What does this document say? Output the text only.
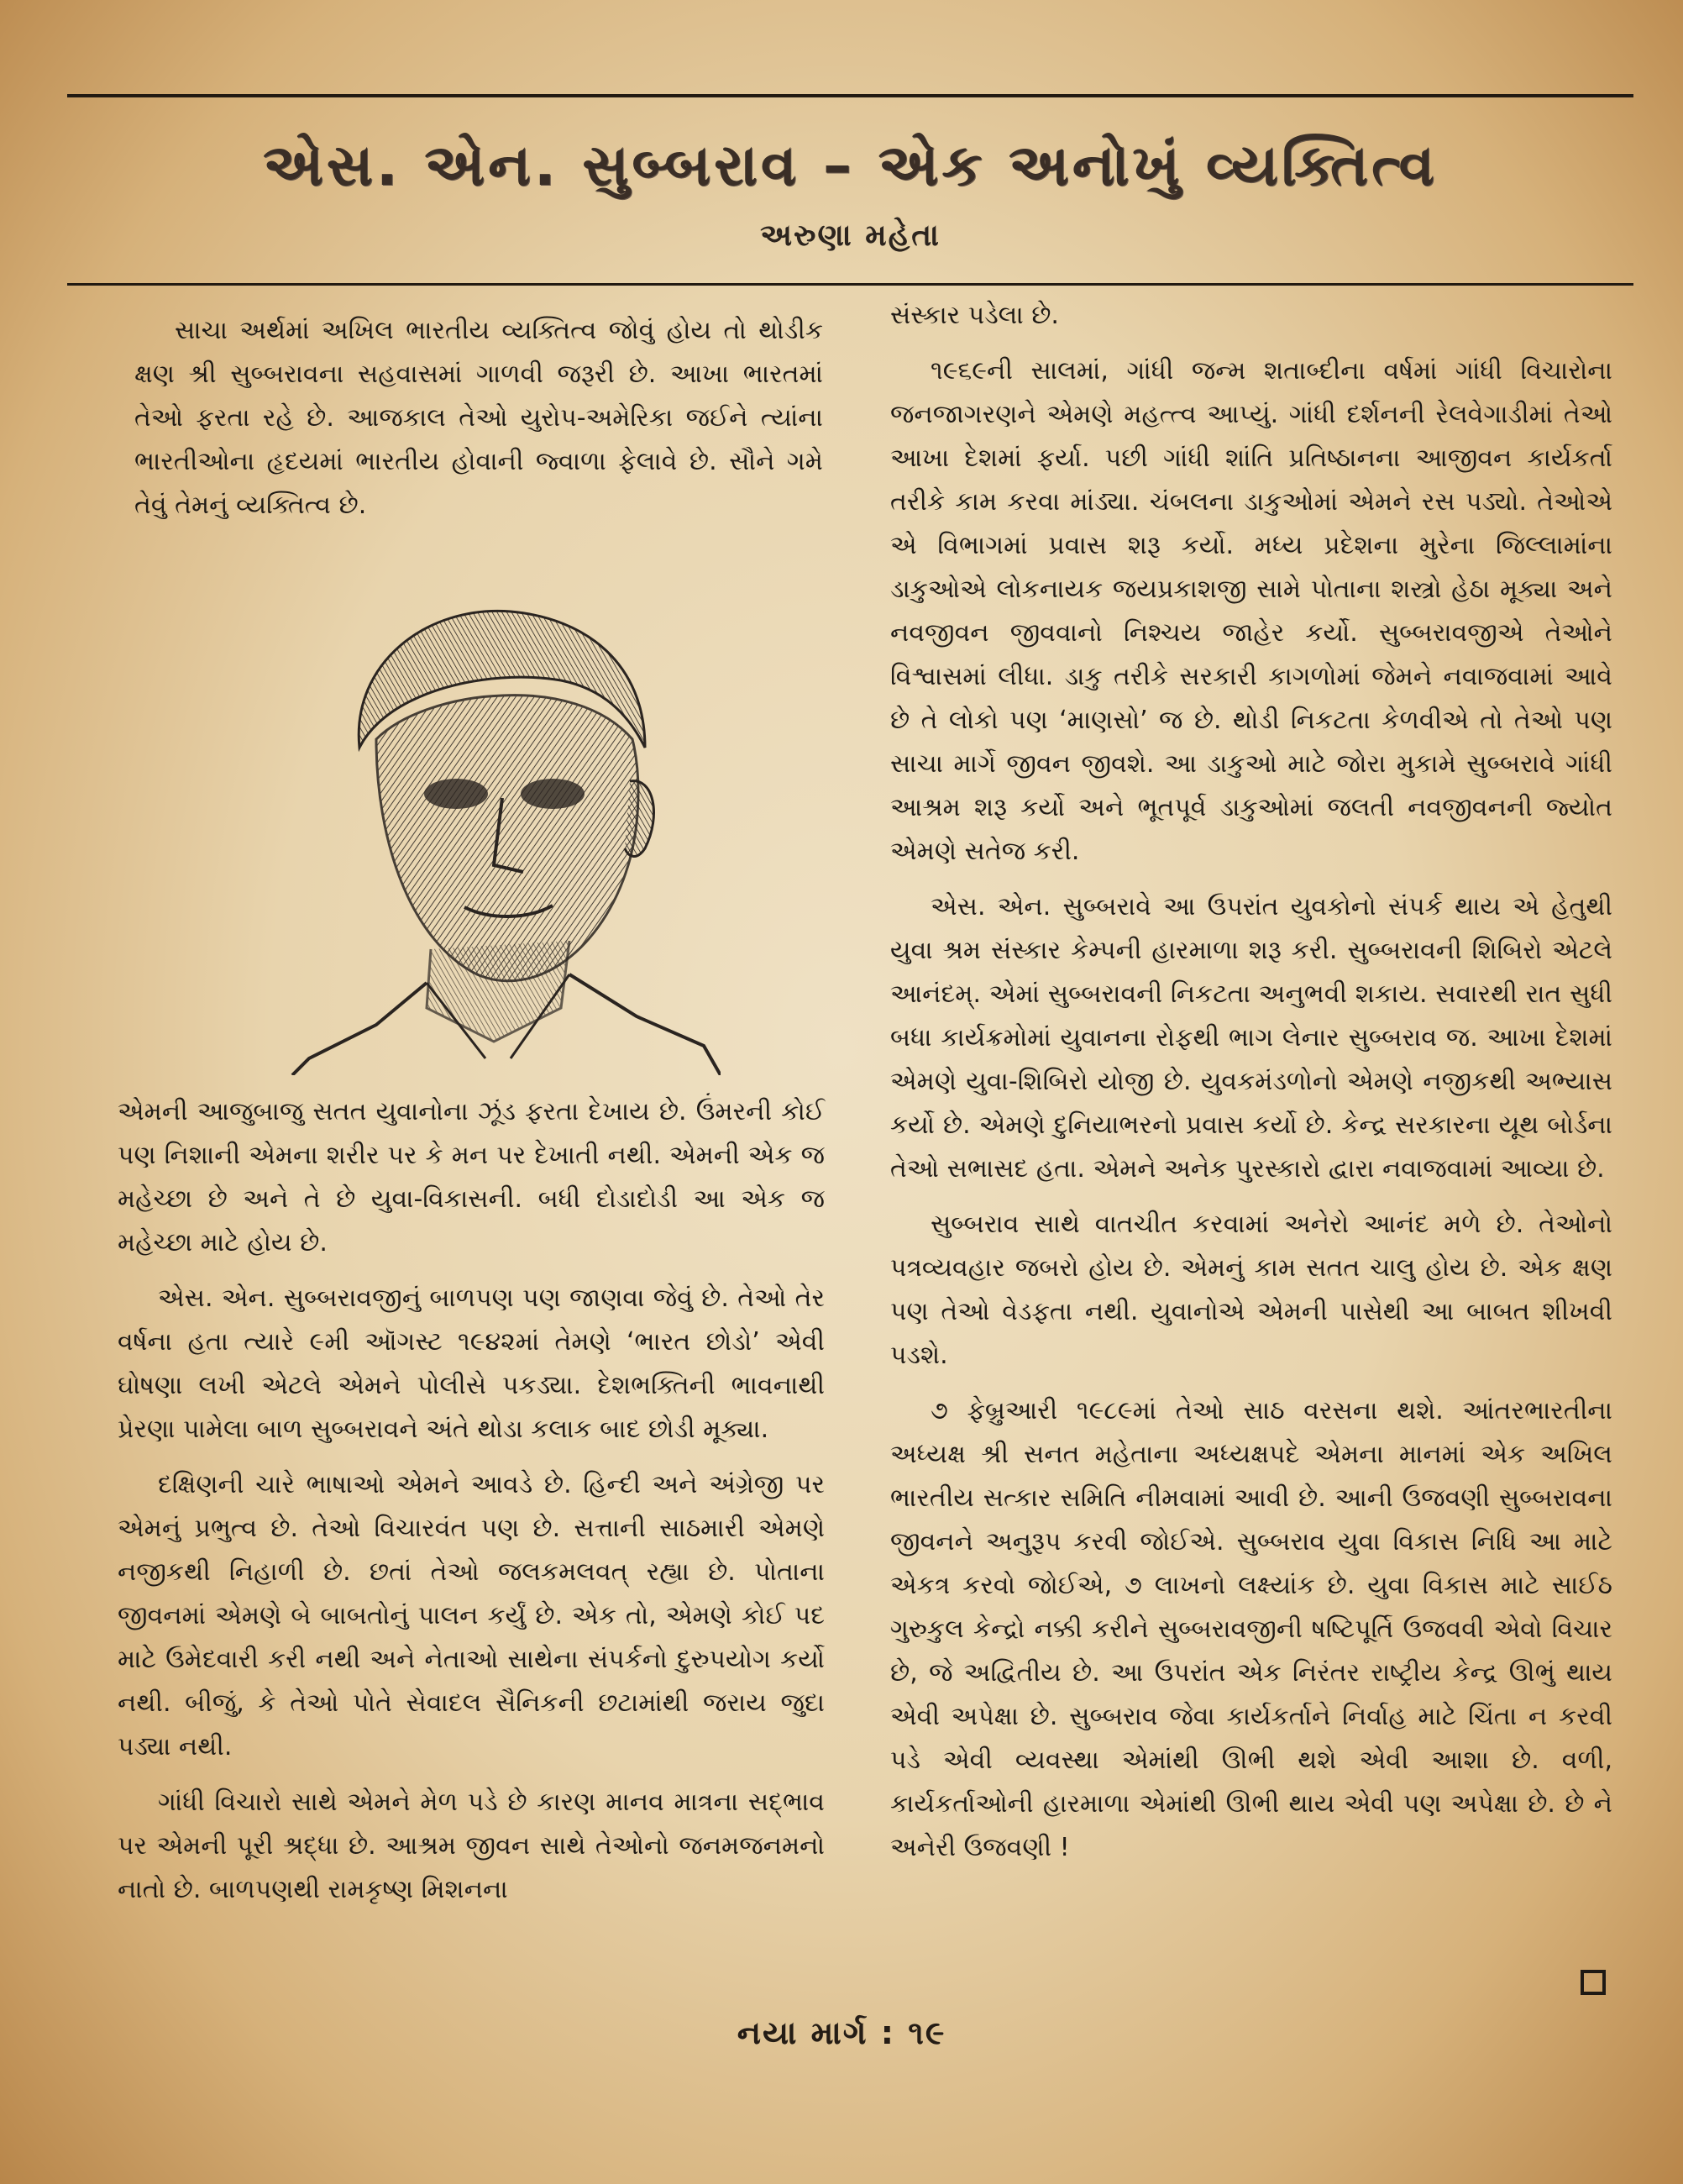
એસ. એન. સુબ્બરાવ – એક અનોખું વ્યક્તિત્વ
અરુણા મહેતા

સાચા અર્થમાં અખિલ ભારતીય વ્યક્તિત્વ જોવું હોય તો થોડીક ક્ષણ શ્રી સુબ્બરાવના સહવાસમાં ગાળવી જરૂરી છે. આખા ભારતમાં તેઓ ફરતા રહે છે. આજકાલ તેઓ યુરોપ-અમેરિકા જઈને ત્યાંના ભારતીઓના હૃદયમાં ભારતીય હોવાની જ્વાળા ફેલાવે છે. સૌને ગમે તેવું તેમનું વ્યક્તિત્વ છે.

એમની આજુબાજુ સતત યુવાનોના ઝૂંડ ફરતા દેખાય છે. ઉંમરની કોઈ પણ નિશાની એમના શરીર પર કે મન પર દેખાતી નથી. એમની એક જ મહેચ્છા છે અને તે છે યુવા-વિકાસની. બધી દોડાદોડી આ એક જ મહેચ્છા માટે હોય છે.

એસ. એન. સુબ્બરાવજીનું બાળપણ પણ જાણવા જેવું છે. તેઓ તેર વર્ષના હતા ત્યારે ૯મી ઑગસ્ટ ૧૯૪૨માં તેમણે ‘ભારત છોડો’ એવી ઘોષણા લખી એટલે એમને પોલીસે પકડ્યા. દેશભક્તિની ભાવનાથી પ્રેરણા પામેલા બાળ સુબ્બરાવને અંતે થોડા કલાક બાદ છોડી મૂક્યા.

દક્ષિણની ચારે ભાષાઓ એમને આવડે છે. હિન્દી અને અંગ્રેજી પર એમનું પ્રભુત્વ છે. તેઓ વિચારવંત પણ છે. સત્તાની સાઠમારી એમણે નજીકથી નિહાળી છે. છતાં તેઓ જલકમલવત્ રહ્યા છે. પોતાના જીવનમાં એમણે બે બાબતોનું પાલન કર્યું છે. એક તો, એમણે કોઈ પદ માટે ઉમેદવારી કરી નથી અને નેતાઓ સાથેના સંપર્કનો દુરુપયોગ કર્યો નથી. બીજું, કે તેઓ પોતે સેવાદલ સૈનિકની છટામાંથી જરાય જુદા પડ્યા નથી.

ગાંધી વિચારો સાથે એમને મેળ પડે છે કારણ માનવ માત્રના સદ્‌ભાવ પર એમની પૂરી શ્રદ્ધા છે. આશ્રમ જીવન સાથે તેઓનો જનમજનમનો નાતો છે. બાળપણથી રામકૃષ્ણ મિશનના

સંસ્કાર પડેલા છે.

૧૯૬૯ની સાલમાં, ગાંધી જન્મ શતાબ્દીના વર્ષમાં ગાંધી વિચારોના જનજાગરણને એમણે મહત્ત્વ આપ્યું. ગાંધી દર્શનની રેલવેગાડીમાં તેઓ આખા દેશમાં ફર્યા. પછી ગાંધી શાંતિ પ્રતિષ્ઠાનના આજીવન કાર્યકર્તા તરીકે કામ કરવા માંડ્યા. ચંબલના ડાકુઓમાં એમને રસ પડ્યો. તેઓએ એ વિભાગમાં પ્રવાસ શરૂ કર્યો. મધ્ય પ્રદેશના મુરેના જિલ્લામાંના ડાકુઓએ લોકનાયક જયપ્રકાશજી સામે પોતાના શસ્ત્રો હેઠા મૂક્યા અને નવજીવન જીવવાનો નિશ્ચય જાહેર કર્યો. સુબ્બરાવજીએ તેઓને વિશ્વાસમાં લીધા. ડાકુ તરીકે સરકારી કાગળોમાં જેમને નવાજવામાં આવે છે તે લોકો પણ ‘માણસો’ જ છે. થોડી નિકટતા કેળવીએ તો તેઓ પણ સાચા માર્ગે જીવન જીવશે. આ ડાકુઓ માટે જોરા મુકામે સુબ્બરાવે ગાંધી આશ્રમ શરૂ કર્યો અને ભૂતપૂર્વ ડાકુઓમાં જલતી નવજીવનની જ્યોત એમણે સતેજ કરી.

એસ. એન. સુબ્બરાવે આ ઉપરાંત યુવકોનો સંપર્ક થાય એ હેતુથી યુવા શ્રમ સંસ્કાર કેમ્પની હારમાળા શરૂ કરી. સુબ્બરાવની શિબિરો એટલે આનંદમ્. એમાં સુબ્બરાવની નિકટતા અનુભવી શકાય. સવારથી રાત સુધી બધા કાર્યક્રમોમાં યુવાનના રોફથી ભાગ લેનાર સુબ્બરાવ જ. આખા દેશમાં એમણે યુવા-શિબિરો યોજી છે. યુવકમંડળોનો એમણે નજીકથી અભ્યાસ કર્યો છે. એમણે દુનિયાભરનો પ્રવાસ કર્યો છે. કેન્દ્ર સરકારના યૂથ બોર્ડના તેઓ સભાસદ હતા. એમને અનેક પુરસ્કારો દ્વારા નવાજવામાં આવ્યા છે.

સુબ્બરાવ સાથે વાતચીત કરવામાં અનેરો આનંદ મળે છે. તેઓનો પત્રવ્યવહાર જબરો હોય છે. એમનું કામ સતત ચાલુ હોય છે. એક ક્ષણ પણ તેઓ વેડફતા નથી. યુવાનોએ એમની પાસેથી આ બાબત શીખવી પડશે.

૭ ફેબ્રુઆરી ૧૯૮૯માં તેઓ સાઠ વરસના થશે. આંતરભારતીના અધ્યક્ષ શ્રી સનત મહેતાના અધ્યક્ષપદે એમના માનમાં એક અખિલ ભારતીય સત્કાર સમિતિ નીમવામાં આવી છે. આની ઉજવણી સુબ્બરાવના જીવનને અનુરૂપ કરવી જોઈએ. સુબ્બરાવ યુવા વિકાસ નિધિ આ માટે એકત્ર કરવો જોઈએ, ૭ લાખનો લક્ષ્યાંક છે. યુવા વિકાસ માટે સાઈઠ ગુરુકુલ કેન્દ્રો નક્કી કરીને સુબ્બરાવજીની ષષ્ટિપૂર્તિ ઉજવવી એવો વિચાર છે, જે અદ્વિતીય છે. આ ઉપરાંત એક નિરંતર રાષ્ટ્રીય કેન્દ્ર ઊભું થાય એવી અપેક્ષા છે. સુબ્બરાવ જેવા કાર્યકર્તાને નિર્વાહ માટે ચિંતા ન કરવી પડે એવી વ્યવસ્થા એમાંથી ઊભી થશે એવી આશા છે. વળી, કાર્યકર્તાઓની હારમાળા એમાંથી ઊભી થાય એવી પણ અપેક્ષા છે. છે ને અનેરી ઉજવણી !

નયા માર્ગ : ૧૯
